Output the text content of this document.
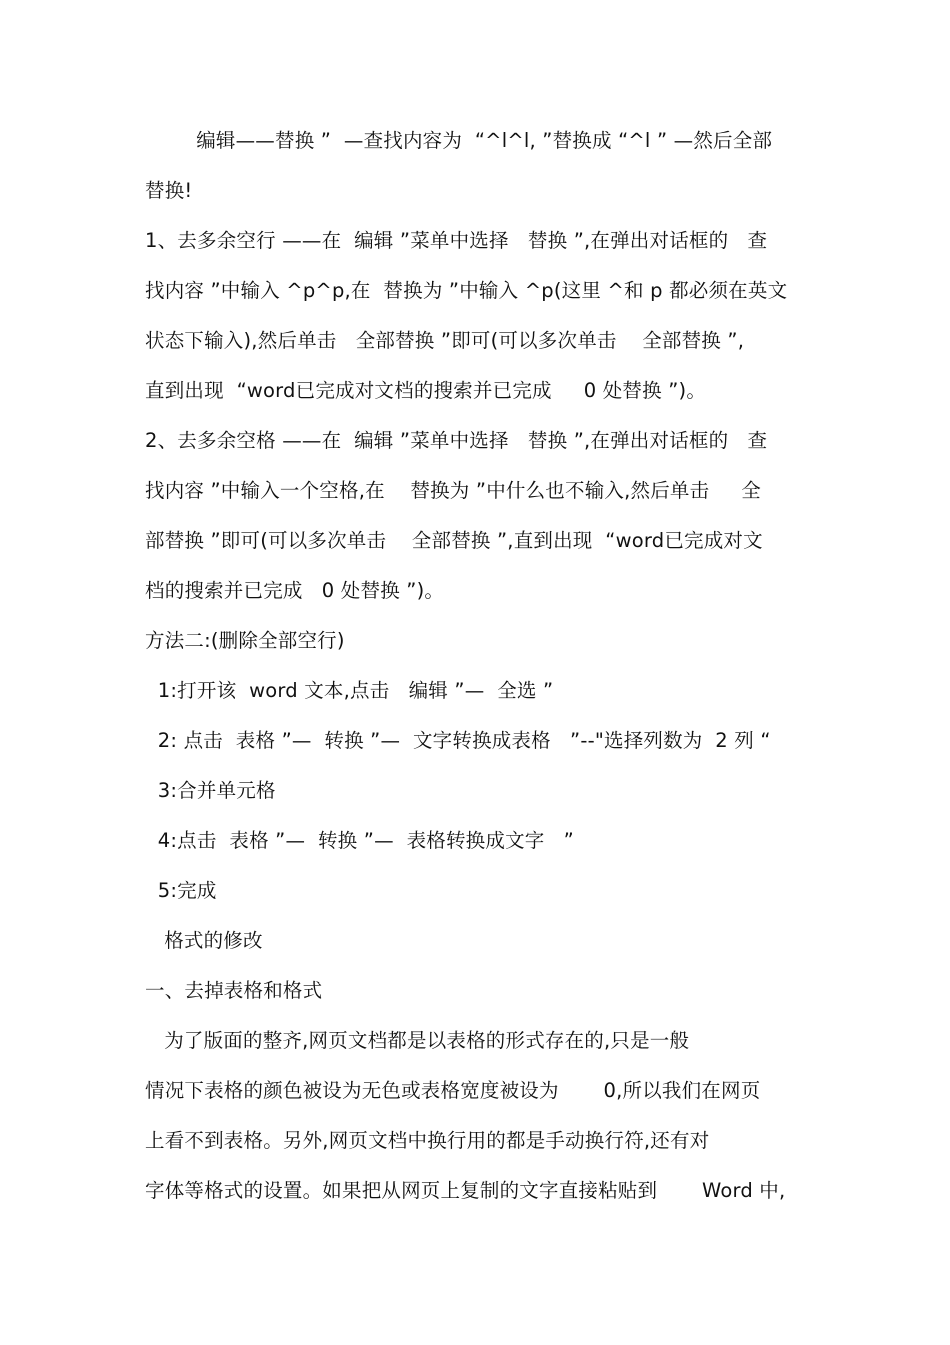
编辑——替换 ”  —查找内容为  “^l^l, ”替换成 “^l ” —然后全部
替换!
1、去多余空行 ——在  编辑 ”菜单中选择   替换 ”,在弹出对话框的   查
找内容 ”中输入 ^p^p,在  替换为 ”中输入 ^p(这里 ^和 p 都必须在英文
状态下输入),然后单击   全部替换 ”即可(可以多次单击    全部替换 ”,
直到出现  “word已完成对文档的搜索并已完成     0 处替换 ”)。
2、去多余空格 ——在  编辑 ”菜单中选择   替换 ”,在弹出对话框的   查
找内容 ”中输入一个空格,在    替换为 ”中什么也不输入,然后单击     全
部替换 ”即可(可以多次单击    全部替换 ”,直到出现  “word已完成对文
档的搜索并已完成   0 处替换 ”)。
方法二:(删除全部空行)
1:打开该  word 文本,点击   编辑 ”—  全选 ”
2: 点击  表格 ”—  转换 ”—  文字转换成表格   ”--"选择列数为  2 列 “
3:合并单元格
4:点击  表格 ”—  转换 ”—  表格转换成文字   ”
5:完成
格式的修改
一、去掉表格和格式
为了版面的整齐,网页文档都是以表格的形式存在的,只是一般
情况下表格的颜色被设为无色或表格宽度被设为       0,所以我们在网页
上看不到表格。另外,网页文档中换行用的都是手动换行符,还有对
字体等格式的设置。如果把从网页上复制的文字直接粘贴到       Word 中,
